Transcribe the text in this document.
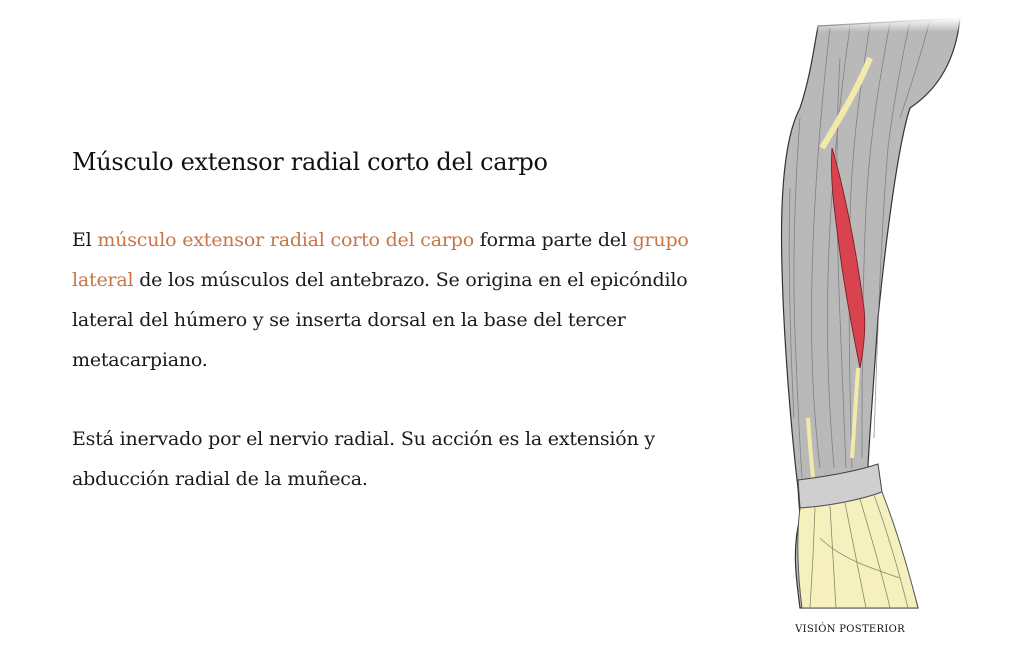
Músculo extensor radial corto del carpo

El músculo extensor radial corto del carpo forma parte del grupo lateral de los músculos del antebrazo. Se origina en el epicóndilo lateral del húmero y se inserta dorsal en la base del tercer metacarpiano.

Está inervado por el nervio radial. Su acción es la extensión y abducción radial de la muñeca.

VISIÓN POSTERIOR
